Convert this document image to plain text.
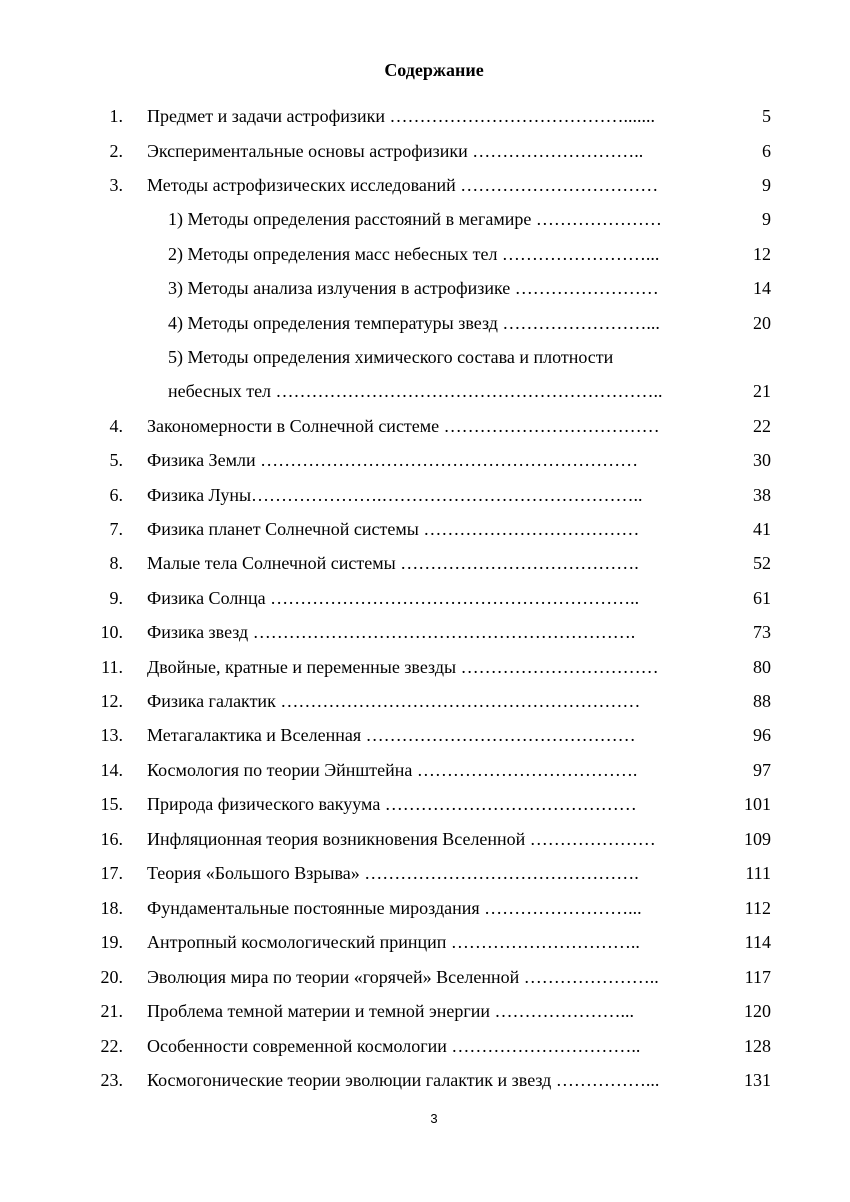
Содержание
1. Предмет и задачи астрофизики ………………………………….......	5
2. Экспериментальные основы астрофизики ………………………..	6
3. Методы астрофизических исследований ……………………………	9
1) Методы определения расстояний в мегамире …………………	9
2) Методы определения масс небесных тел ……………………...	12
3) Методы анализа излучения в астрофизике ……………………	14
4) Методы определения температуры звезд ……………………...	20
5) Методы определения химического состава и плотности
небесных тел ………………………………………………………..	21
4. Закономерности в Солнечной системе ………………………………	22
5. Физика Земли ………………………………………………………	30
6. Физика Луны………………….……………………………………..	38
7. Физика планет Солнечной системы ………………………………	41
8. Малые тела Солнечной системы ………………………………….	52
9. Физика Солнца ……………………………………………………..	61
10. Физика звезд ……………………………………………………….	73
11. Двойные, кратные и переменные звезды ……………………………	80
12. Физика галактик ……………………………………………………	88
13. Метагалактика и Вселенная ………………………………………	96
14. Космология по теории Эйнштейна ……………………………….	97
15. Природа физического вакуума ……………………………………	101
16. Инфляционная теория возникновения Вселенной …………………	109
17. Теория «Большого Взрыва» ……………………………………….	111
18. Фундаментальные постоянные мироздания ……………………...	112
19. Антропный космологический принцип …………………………..	114
20. Эволюция мира по теории «горячей» Вселенной …………………..	117
21. Проблема темной материи и темной энергии …………………...	120
22. Особенности современной космологии …………………………..	128
23. Космогонические теории эволюции галактик и звезд ……………...	131
3
